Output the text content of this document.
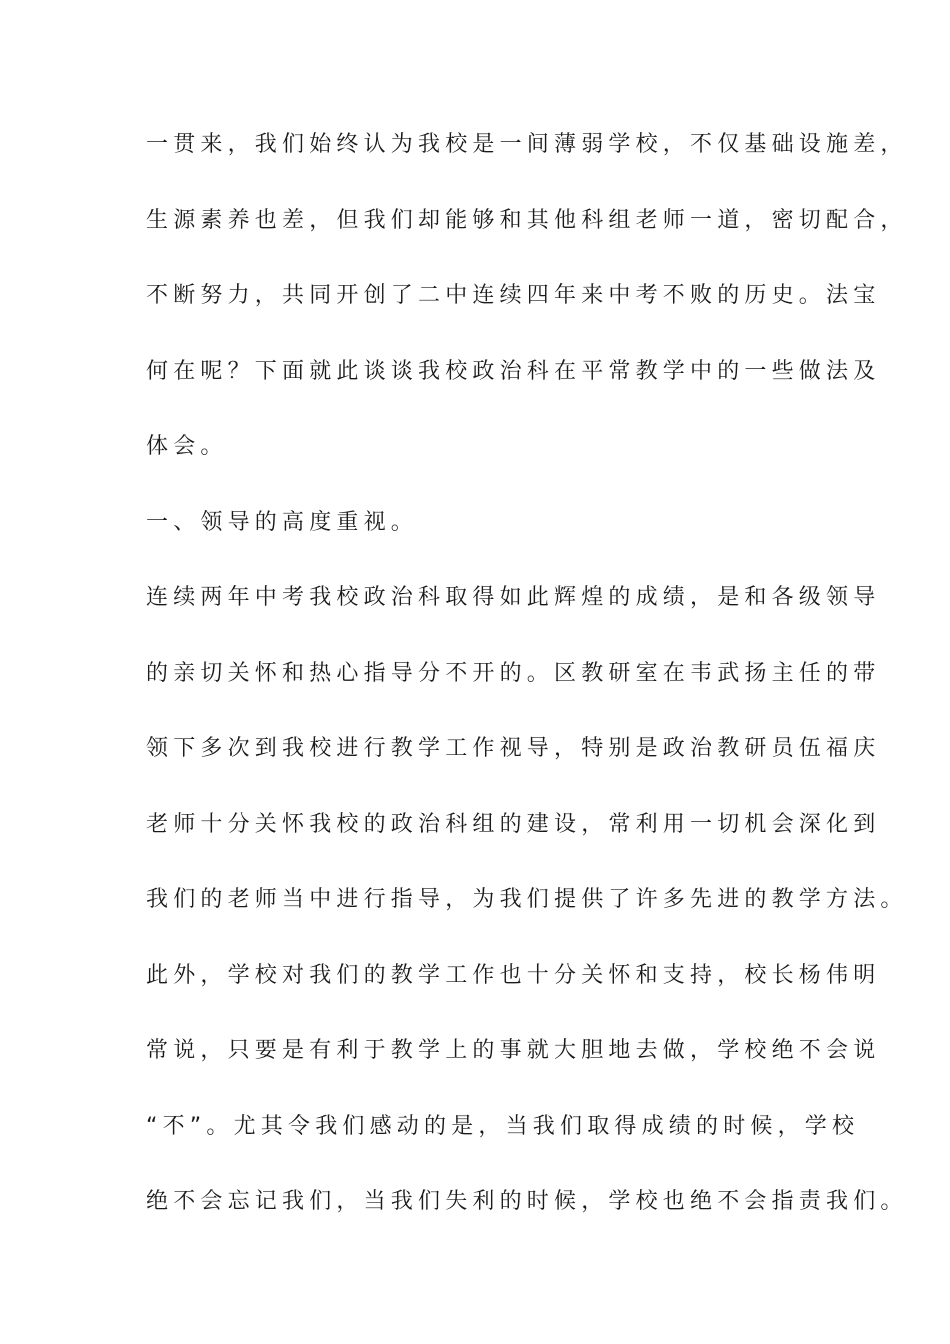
一贯来，我们始终认为我校是一间薄弱学校，不仅基础设施差，
生源素养也差，但我们却能够和其他科组老师一道，密切配合，
不断努力，共同开创了二中连续四年来中考不败的历史。法宝
何在呢？下面就此谈谈我校政治科在平常教学中的一些做法及
体会。
一、领导的高度重视。
连续两年中考我校政治科取得如此辉煌的成绩，是和各级领导
的亲切关怀和热心指导分不开的。区教研室在韦武扬主任的带
领下多次到我校进行教学工作视导，特别是政治教研员伍福庆
老师十分关怀我校的政治科组的建设，常利用一切机会深化到
我们的老师当中进行指导，为我们提供了许多先进的教学方法。
此外，学校对我们的教学工作也十分关怀和支持，校长杨伟明
常说，只要是有利于教学上的事就大胆地去做，学校绝不会说
“不”。尤其令我们感动的是，当我们取得成绩的时候，学校
绝不会忘记我们，当我们失利的时候，学校也绝不会指责我们。
